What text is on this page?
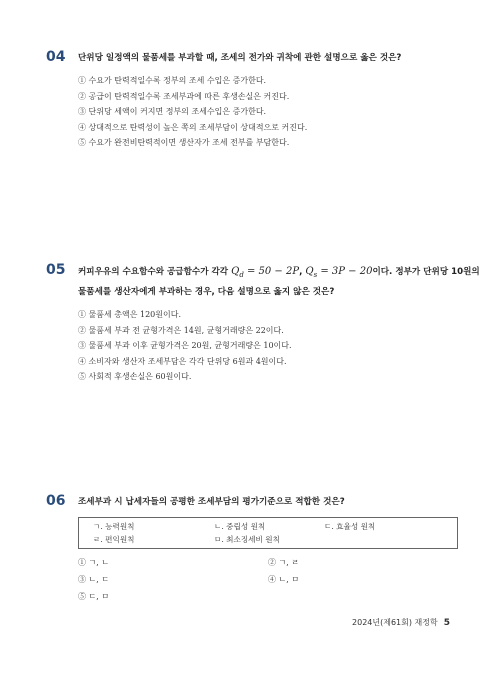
04 단위당 일정액의 물품세를 부과할 때, 조세의 전가와 귀착에 관한 설명으로 옳은 것은?
① 수요가 탄력적일수록 정부의 조세 수입은 증가한다.
② 공급이 탄력적일수록 조세부과에 따른 후생손실은 커진다.
③ 단위당 세액이 커지면 정부의 조세수입은 증가한다.
④ 상대적으로 탄력성이 높은 쪽의 조세부담이 상대적으로 커진다.
⑤ 수요가 완전비탄력적이면 생산자가 조세 전부를 부담한다.
05 커피우유의 수요함수와 공급함수가 각각 $Q_d = 50 - 2P$, $Q_s = 3P - 20$이다. 정부가 단위당 10원의
물품세를 생산자에게 부과하는 경우, 다음 설명으로 옳지 않은 것은?
① 물품세 총액은 120원이다.
② 물품세 부과 전 균형가격은 14원, 균형거래량은 22이다.
③ 물품세 부과 이후 균형가격은 20원, 균형거래량은 10이다.
④ 소비자와 생산자 조세부담은 각각 단위당 6원과 4원이다.
⑤ 사회적 후생손실은 60원이다.
06 조세부과 시 납세자들의 공평한 조세부담의 평가기준으로 적합한 것은?
ㄱ. 능력원칙	ㄴ. 중립성 원칙	ㄷ. 효율성 원칙
ㄹ. 편익원칙	ㅁ. 최소징세비 원칙
① ㄱ, ㄴ	② ㄱ, ㄹ
③ ㄴ, ㄷ	④ ㄴ, ㅁ
⑤ ㄷ, ㅁ
2024년(제61회) 재정학 5
